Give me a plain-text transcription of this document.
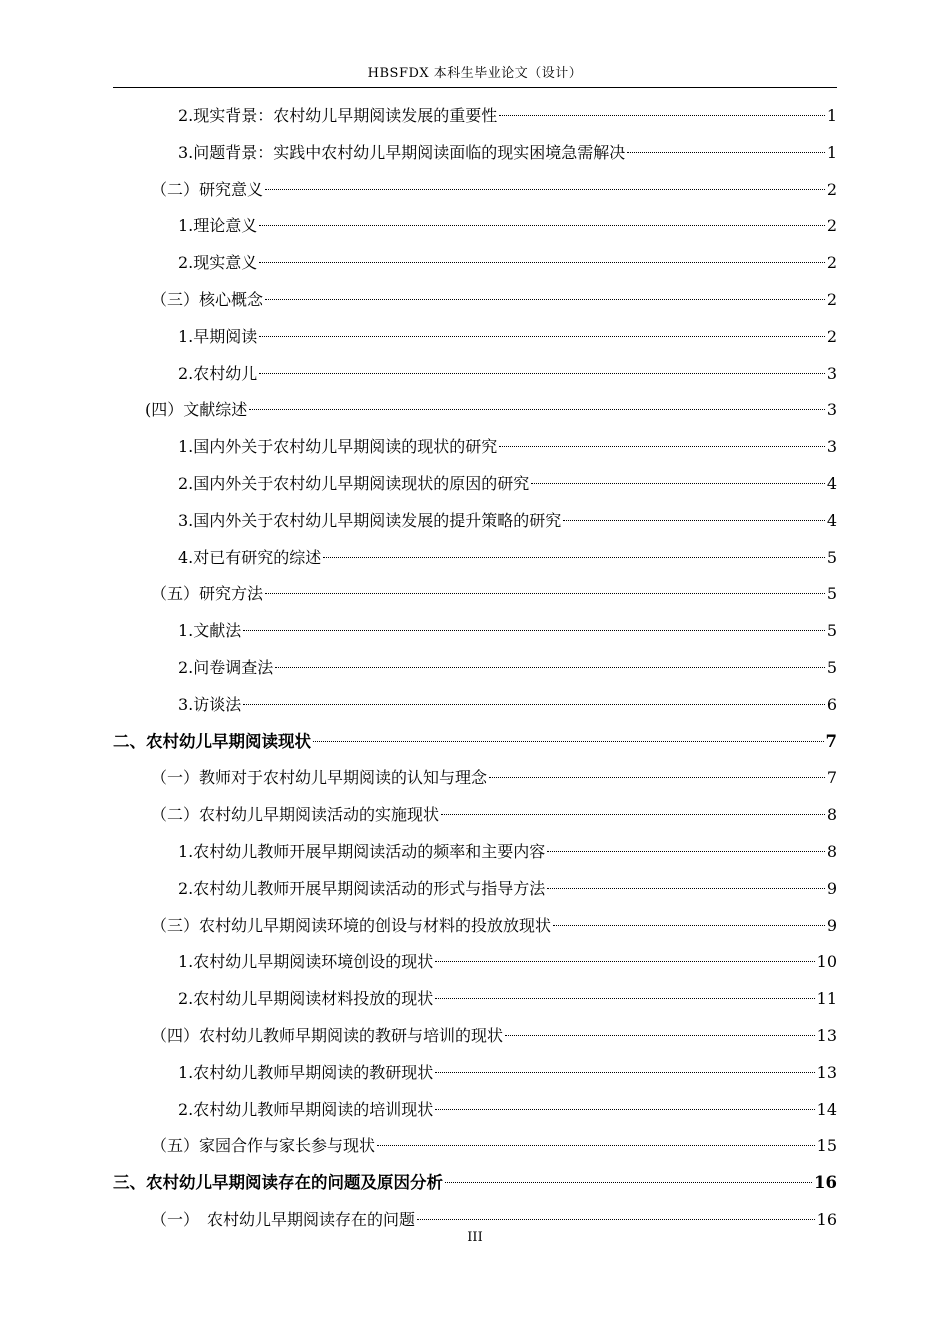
HBSFDX 本科生毕业论文（设计）
2.现实背景：农村幼儿早期阅读发展的重要性	1
3.问题背景：实践中农村幼儿早期阅读面临的现实困境急需解决	1
（二）研究意义	2
1.理论意义	2
2.现实意义	2
（三）核心概念	2
1.早期阅读	2
2.农村幼儿	3
(四）文献综述	3
1.国内外关于农村幼儿早期阅读的现状的研究	3
2.国内外关于农村幼儿早期阅读现状的原因的研究	4
3.国内外关于农村幼儿早期阅读发展的提升策略的研究	4
4.对已有研究的综述	5
（五）研究方法	5
1.文献法	5
2.问卷调查法	5
3.访谈法	6
二、农村幼儿早期阅读现状	7
（一）教师对于农村幼儿早期阅读的认知与理念	7
（二）农村幼儿早期阅读活动的实施现状	8
1.农村幼儿教师开展早期阅读活动的频率和主要内容	8
2.农村幼儿教师开展早期阅读活动的形式与指导方法	9
（三）农村幼儿早期阅读环境的创设与材料的投放放现状	9
1.农村幼儿早期阅读环境创设的现状	10
2.农村幼儿早期阅读材料投放的现状	11
（四）农村幼儿教师早期阅读的教研与培训的现状	13
1.农村幼儿教师早期阅读的教研现状	13
2.农村幼儿教师早期阅读的培训现状	14
（五）家园合作与家长参与现状	15
三、农村幼儿早期阅读存在的问题及原因分析	16
（一）　农村幼儿早期阅读存在的问题	16
III
